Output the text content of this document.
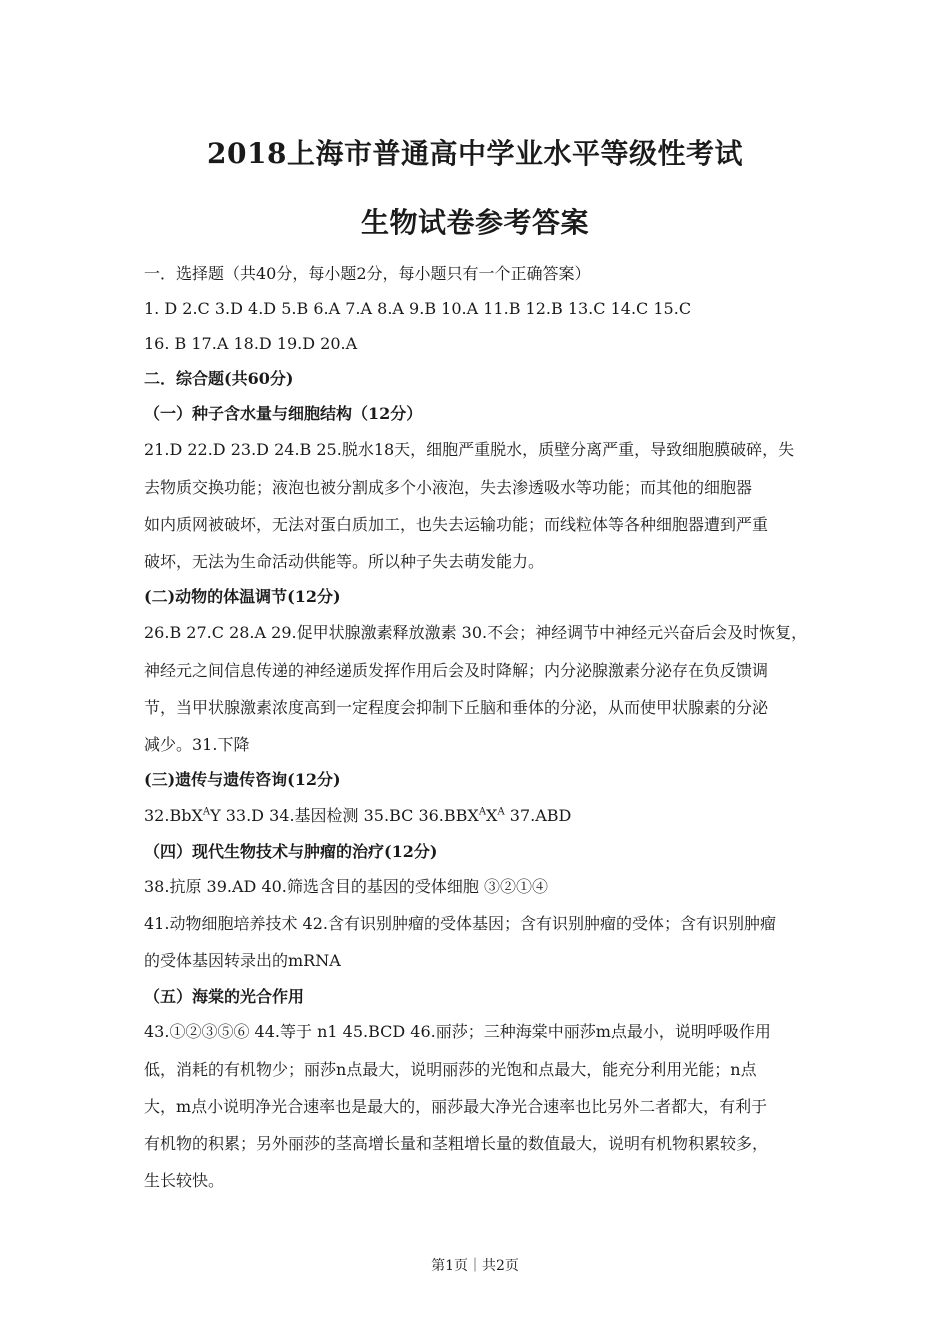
2018上海市普通高中学业水平等级性考试
生物试卷参考答案
一．选择题（共40分，每小题2分，每小题只有一个正确答案）
1. D 2.C 3.D 4.D 5.B 6.A 7.A 8.A 9.B 10.A 11.B 12.B 13.C 14.C 15.C
16. B 17.A 18.D 19.D 20.A
二．综合题(共60分)
（一）种子含水量与细胞结构（12分）
21.D 22.D 23.D 24.B 25.脱水18天，细胞严重脱水，质壁分离严重，导致细胞膜破碎，失
去物质交换功能；液泡也被分割成多个小液泡，失去渗透吸水等功能；而其他的细胞器
如内质网被破坏，无法对蛋白质加工，也失去运输功能；而线粒体等各种细胞器遭到严重
破坏，无法为生命活动供能等。所以种子失去萌发能力。
(二)动物的体温调节(12分)
26.B 27.C 28.A 29.促甲状腺激素释放激素 30.不会；神经调节中神经元兴奋后会及时恢复，
神经元之间信息传递的神经递质发挥作用后会及时降解；内分泌腺激素分泌存在负反馈调
节，当甲状腺激素浓度高到一定程度会抑制下丘脑和垂体的分泌，从而使甲状腺素的分泌
减少。31.下降
(三)遗传与遗传咨询(12分)
32.BbX$^A$Y 33.D 34.基因检测 35.BC $36.BBX^AX^A$ 37.ABD
（四）现代生物技术与肿瘤的治疗(12分)
38.抗原 39.AD 40.筛选含目的基因的受体细胞 ③②①④
41.动物细胞培养技术 42.含有识别肿瘤的受体基因；含有识别肿瘤的受体；含有识别肿瘤
的受体基因转录出的mRNA
（五）海棠的光合作用
43.①②③⑤⑥ 44.等于 n1 45.BCD 46.丽莎；三种海棠中丽莎m点最小，说明呼吸作用
低，消耗的有机物少；丽莎n点最大，说明丽莎的光饱和点最大，能充分利用光能；n点
大，m点小说明净光合速率也是最大的，丽莎最大净光合速率也比另外二者都大，有利于
有机物的积累；另外丽莎的茎高增长量和茎粗增长量的数值最大，说明有机物积累较多，
生长较快。
第1页｜共2页
